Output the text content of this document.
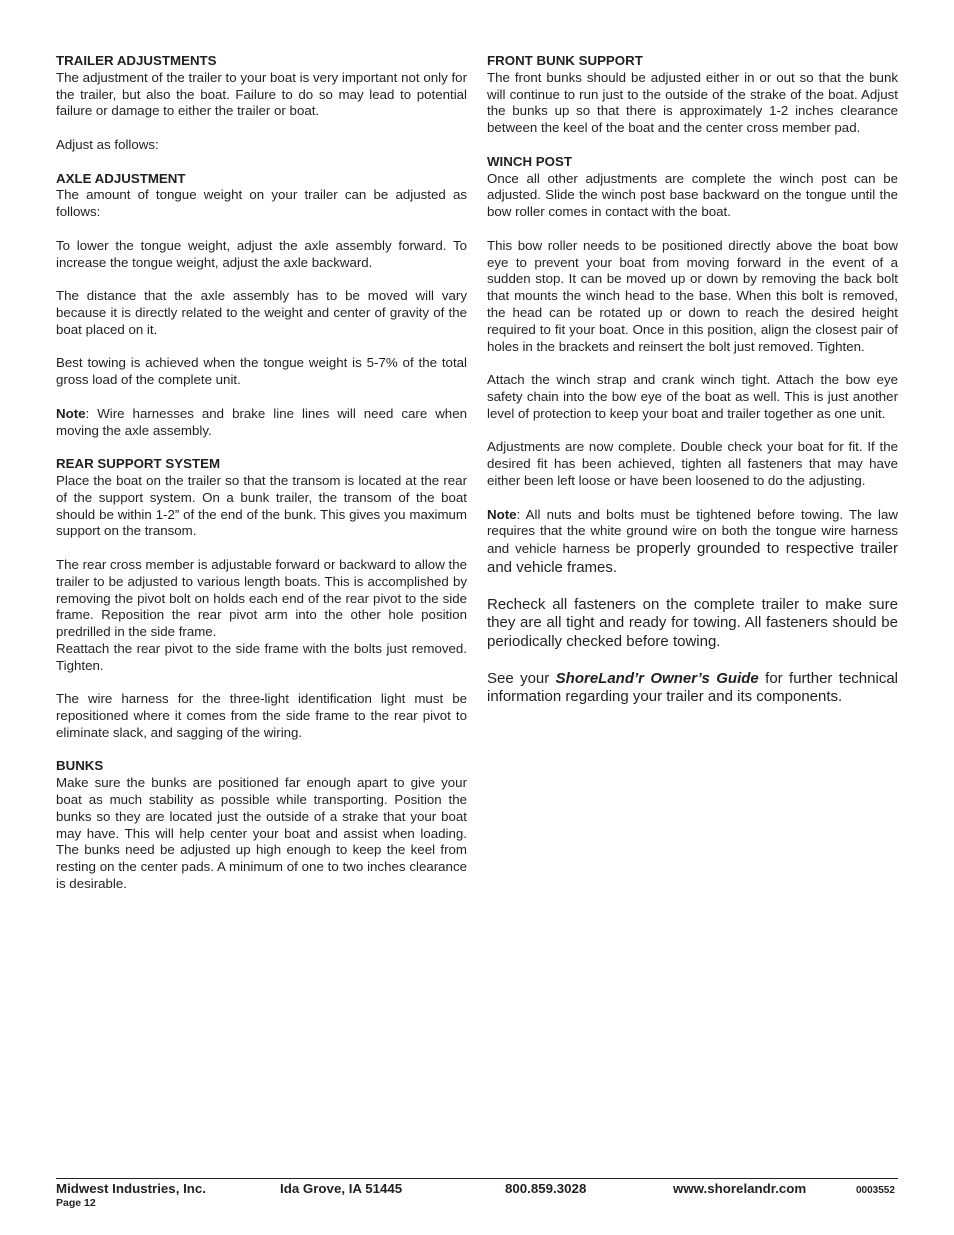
TRAILER ADJUSTMENTS

The adjustment of the trailer to your boat is very important not only for the trailer, but also the boat. Failure to do so may lead to potential failure or damage to either the trailer or boat.

Adjust as follows:

AXLE ADJUSTMENT

The amount of tongue weight on your trailer can be adjusted as follows:

To lower the tongue weight, adjust the axle assembly forward. To increase the tongue weight, adjust the axle backward.

The distance that the axle assembly has to be moved will vary because it is directly related to the weight and center of gravity of the boat placed on it.

Best towing is achieved when the tongue weight is 5-7% of the total gross load of the complete unit.

Note: Wire harnesses and brake line lines will need care when moving the axle assembly.

REAR SUPPORT SYSTEM

Place the boat on the trailer so that the transom is located at the rear of the support system. On a bunk trailer, the transom of the boat should be within 1-2” of the end of the bunk. This gives you maximum support on the transom.

The rear cross member is adjustable forward or backward to allow the trailer to be adjusted to various length boats. This is accomplished by removing the pivot bolt on holds each end of the rear pivot to the side frame. Reposition the rear pivot arm into the other hole position predrilled in the side frame.

Reattach the rear pivot to the side frame with the bolts just removed. Tighten.

The wire harness for the three-light identification light must be repositioned where it comes from the side frame to the rear pivot to eliminate slack, and sagging of the wiring.

BUNKS

Make sure the bunks are positioned far enough apart to give your boat as much stability as possible while transporting. Position the bunks so they are located just the outside of a strake that your boat may have. This will help center your boat and assist when loading. The bunks need be adjusted up high enough to keep the keel from resting on the center pads. A minimum of one to two inches clearance is desirable.

FRONT BUNK SUPPORT

The front bunks should be adjusted either in or out so that the bunk will continue to run just to the outside of the strake of the boat. Adjust the bunks up so that there is approximately 1-2 inches clearance between the keel of the boat and the center cross member pad.

WINCH POST

Once all other adjustments are complete the winch post can be adjusted. Slide the winch post base backward on the tongue until the bow roller comes in contact with the boat.

This bow roller needs to be positioned directly above the boat bow eye to prevent your boat from moving forward in the event of a sudden stop. It can be moved up or down by removing the back bolt that mounts the winch head to the base. When this bolt is removed, the head can be rotated up or down to reach the desired height required to fit your boat. Once in this position, align the closest pair of holes in the brackets and reinsert the bolt just removed. Tighten.

Attach the winch strap and crank winch tight. Attach the bow eye safety chain into the bow eye of the boat as well. This is just another level of protection to keep your boat and trailer together as one unit.

Adjustments are now complete. Double check your boat for fit. If the desired fit has been achieved, tighten all fasteners that may have either been left loose or have been loosened to do the adjusting.

Note: All nuts and bolts must be tightened before towing. The law requires that the white ground wire on both the tongue wire harness and vehicle harness be properly grounded to respective trailer and vehicle frames.

Recheck all fasteners on the complete trailer to make sure they are all tight and ready for towing. All fasteners should be periodically checked before towing.

See your ShoreLand’r Owner’s Guide for further technical information regarding your trailer and its components.

Midwest Industries, Inc.	Ida Grove, IA 51445	800.859.3028	www.shorelandr.com	0003552
Page 12
